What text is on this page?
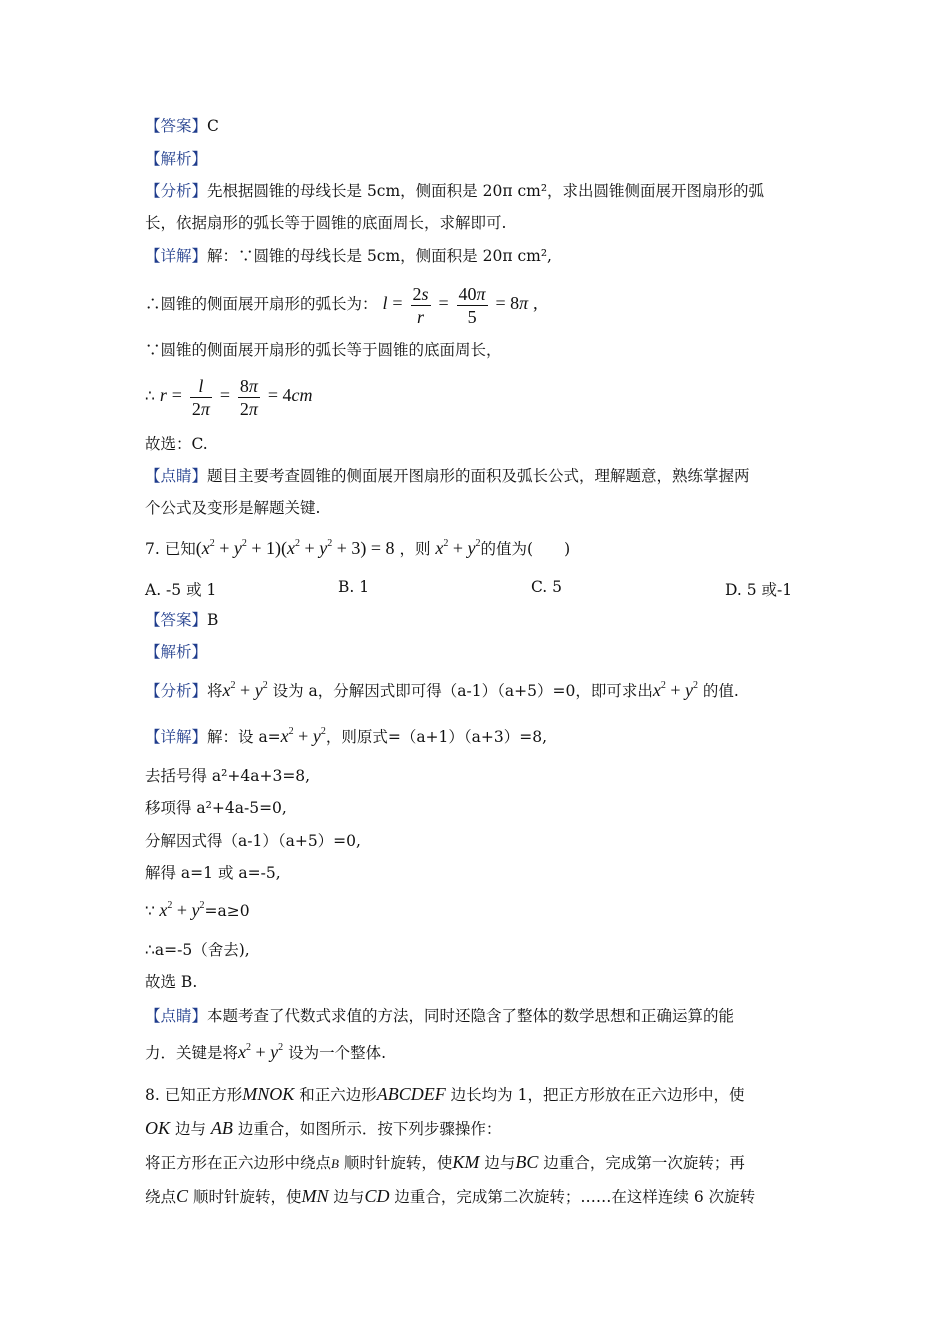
【答案】C
【解析】
【分析】先根据圆锥的母线长是 5cm，侧面积是 20π cm²，求出圆锥侧面展开图扇形的弧
长，依据扇形的弧长等于圆锥的底面周长，求解即可.
【详解】解：∵圆锥的母线长是 5cm，侧面积是 20π cm²,
∴圆锥的侧面展开扇形的弧长为： $l = \frac{2s}{r} = \frac{40\pi}{5} = 8\pi$ ,
∵圆锥的侧面展开扇形的弧长等于圆锥的底面周长，
∴ $r = \frac{l}{2\pi} = \frac{8\pi}{2\pi} = 4cm$
故选：C.
【点睛】题目主要考查圆锥的侧面展开图扇形的面积及弧长公式，理解题意，熟练掌握两
个公式及变形是解题关键.
7. 已知$(x^2 + y^2 + 1)(x^2 + y^2 + 3) = 8$ ，则 $x^2 + y^2$的值为(　　)
A. -5 或 1	B. 1	C. 5	D. 5 或-1
【答案】B
【解析】
【分析】将$x^2 + y^2$ 设为 a，分解因式即可得（a-1）（a+5）=0，即可求出$x^2 + y^2$ 的值.
【详解】解：设 $a=x^2 + y^2$，则原式=（a+1）（a+3）=8,
去括号得 a²+4a+3=8,
移项得 a²+4a-5=0,
分解因式得（a-1）（a+5）=0,
解得 a=1 或 a=-5,
∵ $x^2 + y^2=a\ge 0$
∴a=-5（舍去),
故选 B.
【点睛】本题考查了代数式求值的方法，同时还隐含了整体的数学思想和正确运算的能
力．关键是将$x^2 + y^2$ 设为一个整体.
8. 已知正方形MNOK 和正六边形ABCDEF 边长均为 1，把正方形放在正六边形中，使
OK 边与 AB 边重合，如图所示．按下列步骤操作：
将正方形在正六边形中绕点B 顺时针旋转，使KM 边与BC 边重合，完成第一次旋转；再
绕点C 顺时针旋转，使MN 边与CD 边重合，完成第二次旋转；……在这样连续 6 次旋转
